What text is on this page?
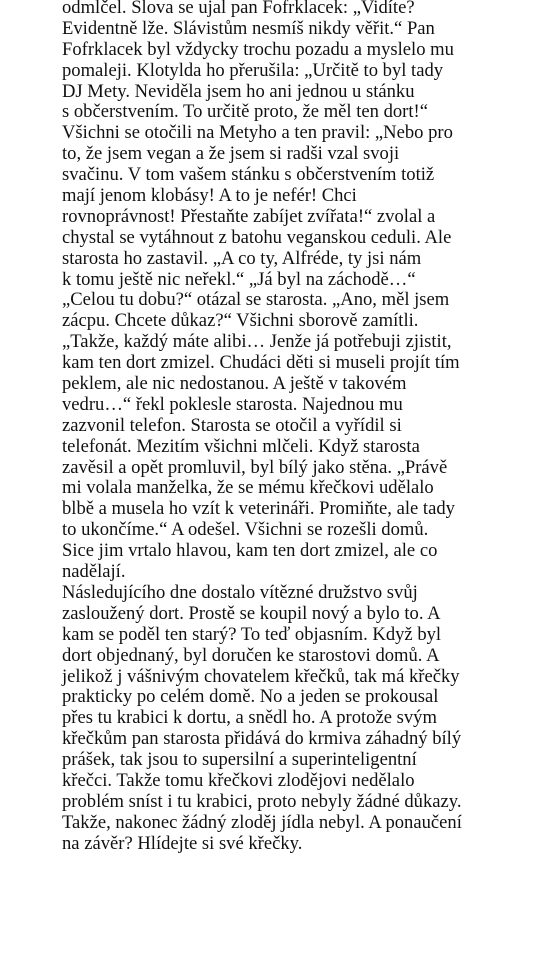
odmlčel. Slova se ujal pan Fofrklacek: „Vidíte?
Evidentně lže. Slávistům nesmíš nikdy věřit.“ Pan
Fofrklacek byl vždycky trochu pozadu a myslelo mu
pomaleji. Klotylda ho přerušila: „Určitě to byl tady
DJ Mety. Neviděla jsem ho ani jednou u stánku
s občerstvením. To určitě proto, že měl ten dort!“
Všichni se otočili na Metyho a ten pravil: „Nebo pro
to, že jsem vegan a že jsem si radši vzal svoji
svačinu. V tom vašem stánku s občerstvením totiž
mají jenom klobásy! A to je nefér! Chci
rovnoprávnost! Přestaňte zabíjet zvířata!“ zvolal a
chystal se vytáhnout z batohu veganskou ceduli. Ale
starosta ho zastavil. „A co ty, Alfréde, ty jsi nám
k tomu ještě nic neřekl.“ „Já byl na záchodě…“
„Celou tu dobu?“ otázal se starosta. „Ano, měl jsem
zácpu. Chcete důkaz?“ Všichni sborově zamítli.
„Takže, každý máte alibi… Jenže já potřebuji zjistit,
kam ten dort zmizel. Chudáci děti si museli projít tím
peklem, ale nic nedostanou. A ještě v takovém
vedru…“ řekl poklesle starosta. Najednou mu
zazvonil telefon. Starosta se otočil a vyřídil si
telefonát. Mezitím všichni mlčeli. Když starosta
zavěsil a opět promluvil, byl bílý jako stěna. „Právě
mi volala manželka, že se mému křečkovi udělalo
blbě a musela ho vzít k veterináři. Promiňte, ale tady
to ukončíme.“ A odešel. Všichni se rozešli domů.
Sice jim vrtalo hlavou, kam ten dort zmizel, ale co
nadělají.
Následujícího dne dostalo vítězné družstvo svůj
zasloužený dort. Prostě se koupil nový a bylo to. A
kam se poděl ten starý? To teď objasním. Když byl
dort objednaný, byl doručen ke starostovi domů. A
jelikož j vášnivým chovatelem křečků, tak má křečky
prakticky po celém domě. No a jeden se prokousal
přes tu krabici k dortu, a snědl ho. A protože svým
křečkům pan starosta přidává do krmiva záhadný bílý
prášek, tak jsou to supersilní a superinteligentní
křečci. Takže tomu křečkovi zlodějovi nedělalo
problém sníst i tu krabici, proto nebyly žádné důkazy.
Takže, nakonec žádný zloděj jídla nebyl. A ponaučení
na závěr? Hlídejte si své křečky.
